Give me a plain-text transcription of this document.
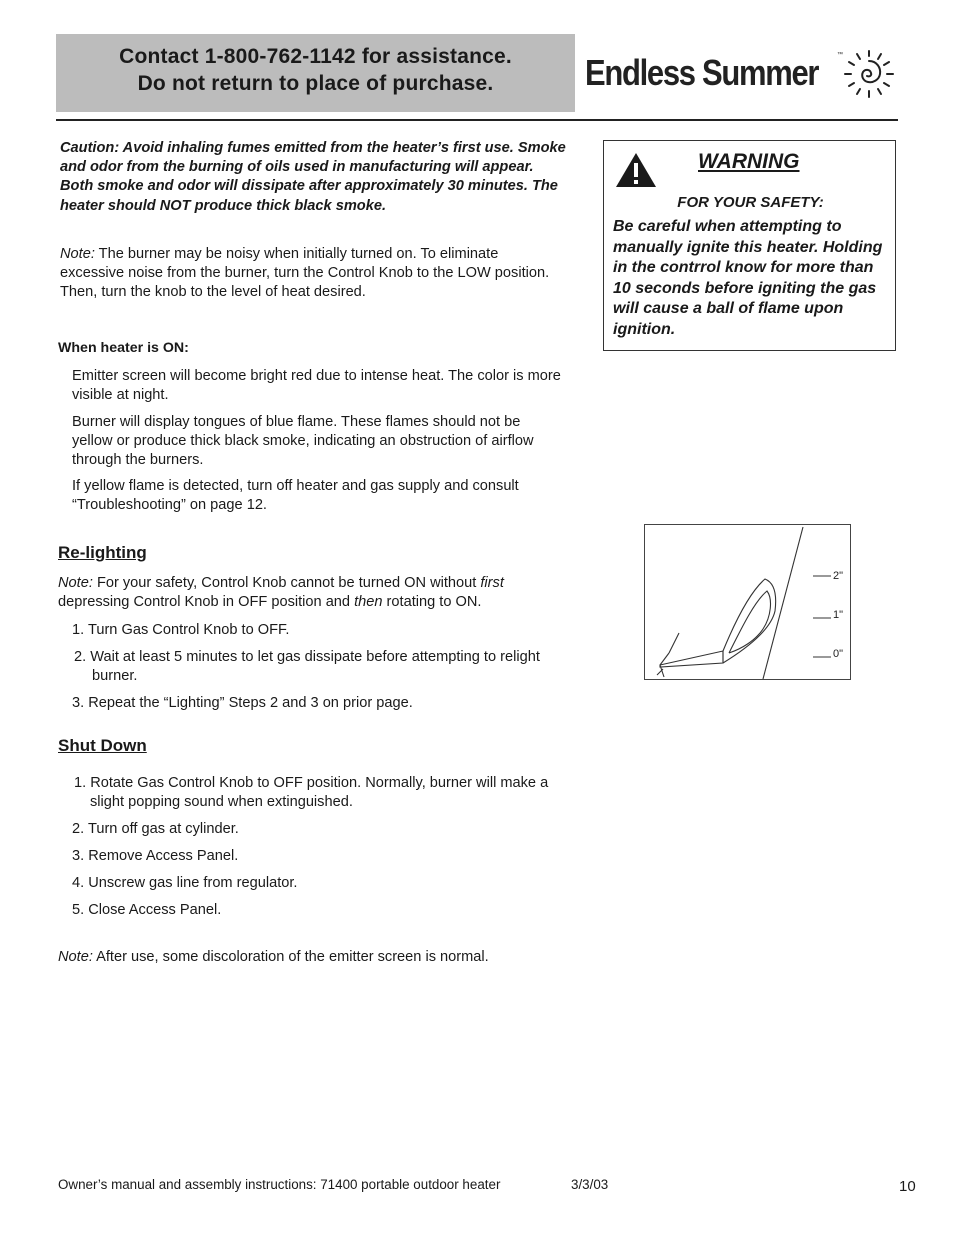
Contact 1-800-762-1142 for assistance.
Do not return to place of purchase.	Endless Summer	™
Caution: Avoid inhaling fumes emitted from the heater’s first use. Smoke and odor from the burning of oils used in manufacturing will appear. Both smoke and odor will dissipate after approximately 30 minutes. The heater should NOT produce thick black smoke.
Note: The burner may be noisy when initially turned on. To eliminate excessive noise from the burner, turn the Control Knob to the LOW position. Then, turn the knob to the level of heat desired.
When heater is ON:
Emitter screen will become bright red due to intense heat. The color is more visible at night.
Burner will display tongues of blue flame. These flames should not be yellow or produce thick black smoke, indicating an obstruction of airflow through the burners.
If yellow flame is detected, turn off heater and gas supply and consult “Troubleshooting” on page 12.
Re-lighting
Note: For your safety, Control Knob cannot be turned ON without first depressing Control Knob in OFF position and then rotating to ON.
1. Turn Gas Control Knob to OFF.
2. Wait at least 5 minutes to let gas dissipate before attempting to relight burner.
3. Repeat the “Lighting” Steps 2 and 3 on prior page.
Shut Down
1. Rotate Gas Control Knob to OFF position. Normally, burner will make a slight popping sound when extinguished.
2. Turn off gas at cylinder.
3. Remove Access Panel.
4. Unscrew gas line from regulator.
5. Close Access Panel.
Note: After use, some discoloration of the emitter screen is normal.
WARNING
FOR YOUR SAFETY:
Be careful when attempting to manually ignite this heater. Holding in the contrrol know for more than 10 seconds before igniting the gas will cause a ball of flame upon ignition.
2"
1"
0"
Owner’s manual and assembly instructions: 71400 portable outdoor heater	3/3/03	10
